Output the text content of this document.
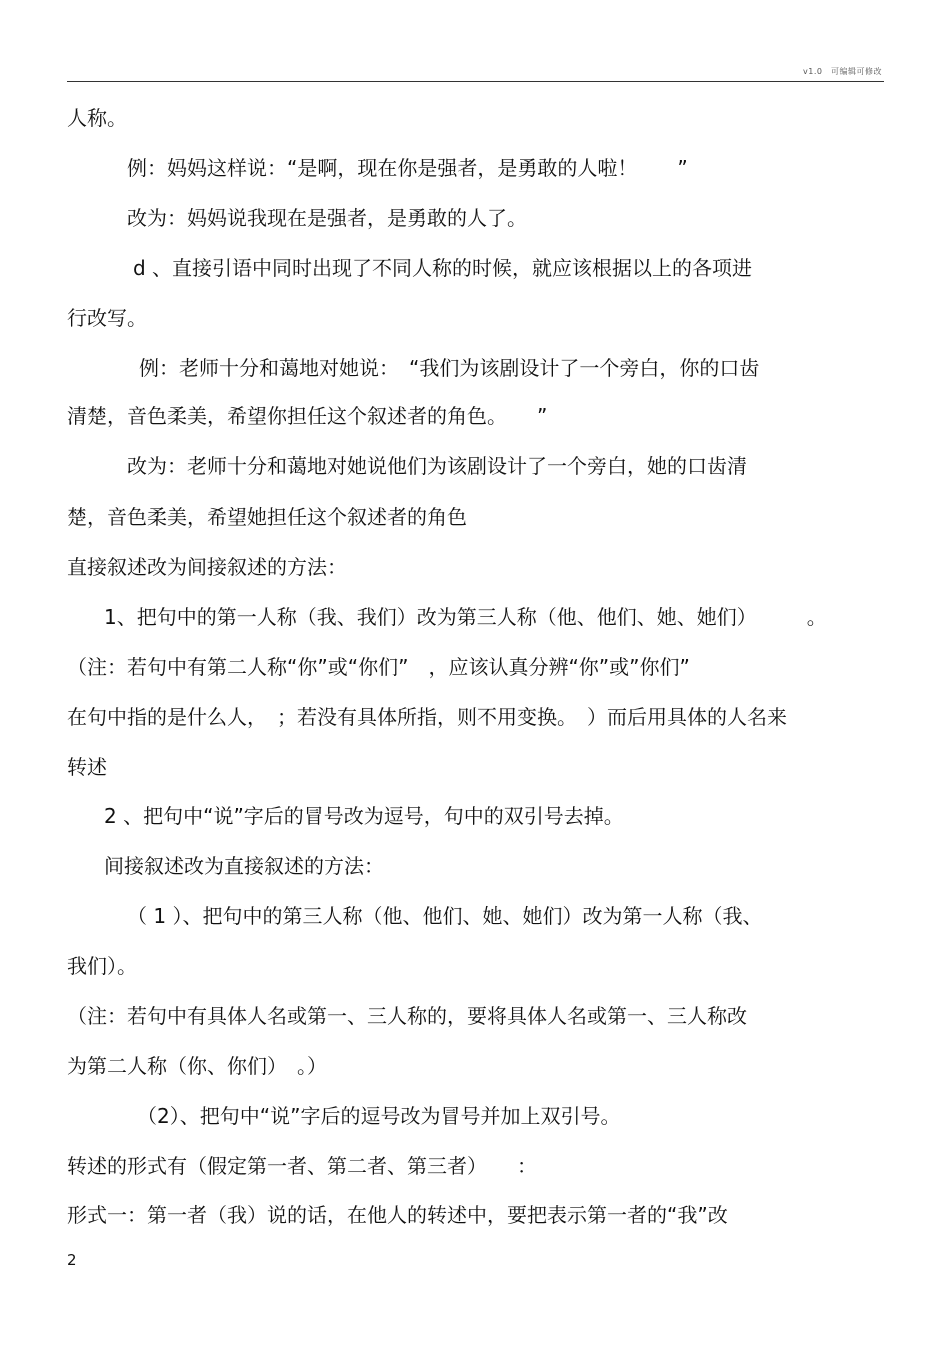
v1.0　可编辑可修改
人称。
例：妈妈这样说：“是啊，现在你是强者，是勇敢的人啦！　　”
改为：妈妈说我现在是强者，是勇敢的人了。
d 、直接引语中同时出现了不同人称的时候，就应该根据以上的各项进
行改写。
例：老师十分和蔼地对她说：　“我们为该剧设计了一个旁白，你的口齿
清楚，音色柔美，希望你担任这个叙述者的角色。　　”
改为：老师十分和蔼地对她说他们为该剧设计了一个旁白，她的口齿清
楚，音色柔美，希望她担任这个叙述者的角色
直接叙述改为间接叙述的方法：
1、把句中的第一人称（我、我们）改为第三人称（他、他们、她、她们）　　　。
（注：若句中有第二人称“你”或“你们”　，应该认真分辨“你”或”你们”
在句中指的是什么人，　；若没有具体所指，则不用变换。　）而后用具体的人名来
转述
2 、把句中“说”字后的冒号改为逗号，句中的双引号去掉。
间接叙述改为直接叙述的方法：
（ 1 ）、把句中的第三人称（他、他们、她、她们）改为第一人称（我、
我们）。
（注：若句中有具体人名或第一、三人称的，要将具体人名或第一、三人称改
为第二人称（你、你们）　。）
（2）、把句中“说”字后的逗号改为冒号并加上双引号。
转述的形式有（假定第一者、第二者、第三者）　　：
形式一：第一者（我）说的话，在他人的转述中，要把表示第一者的“我”改
2
